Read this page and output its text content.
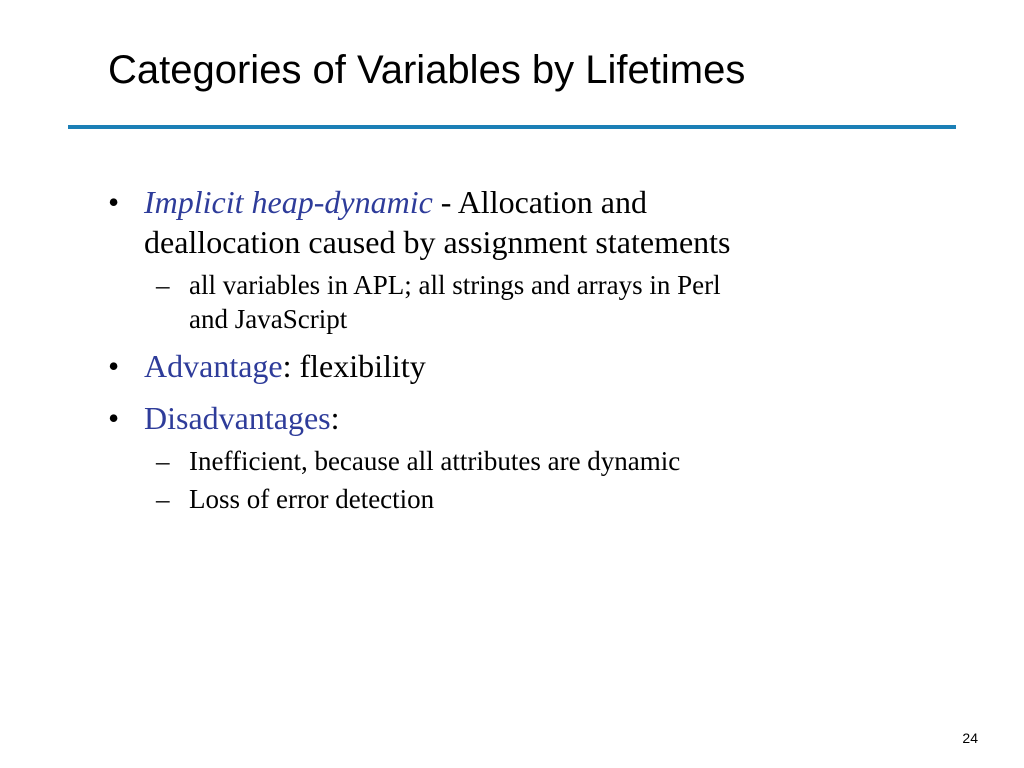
Categories of Variables by Lifetimes
• Implicit heap-dynamic - Allocation and
deallocation caused by assignment statements
– all variables in APL; all strings and arrays in Perl
and JavaScript
• Advantage: flexibility
• Disadvantages:
– Inefficient, because all attributes are dynamic
– Loss of error detection
24
